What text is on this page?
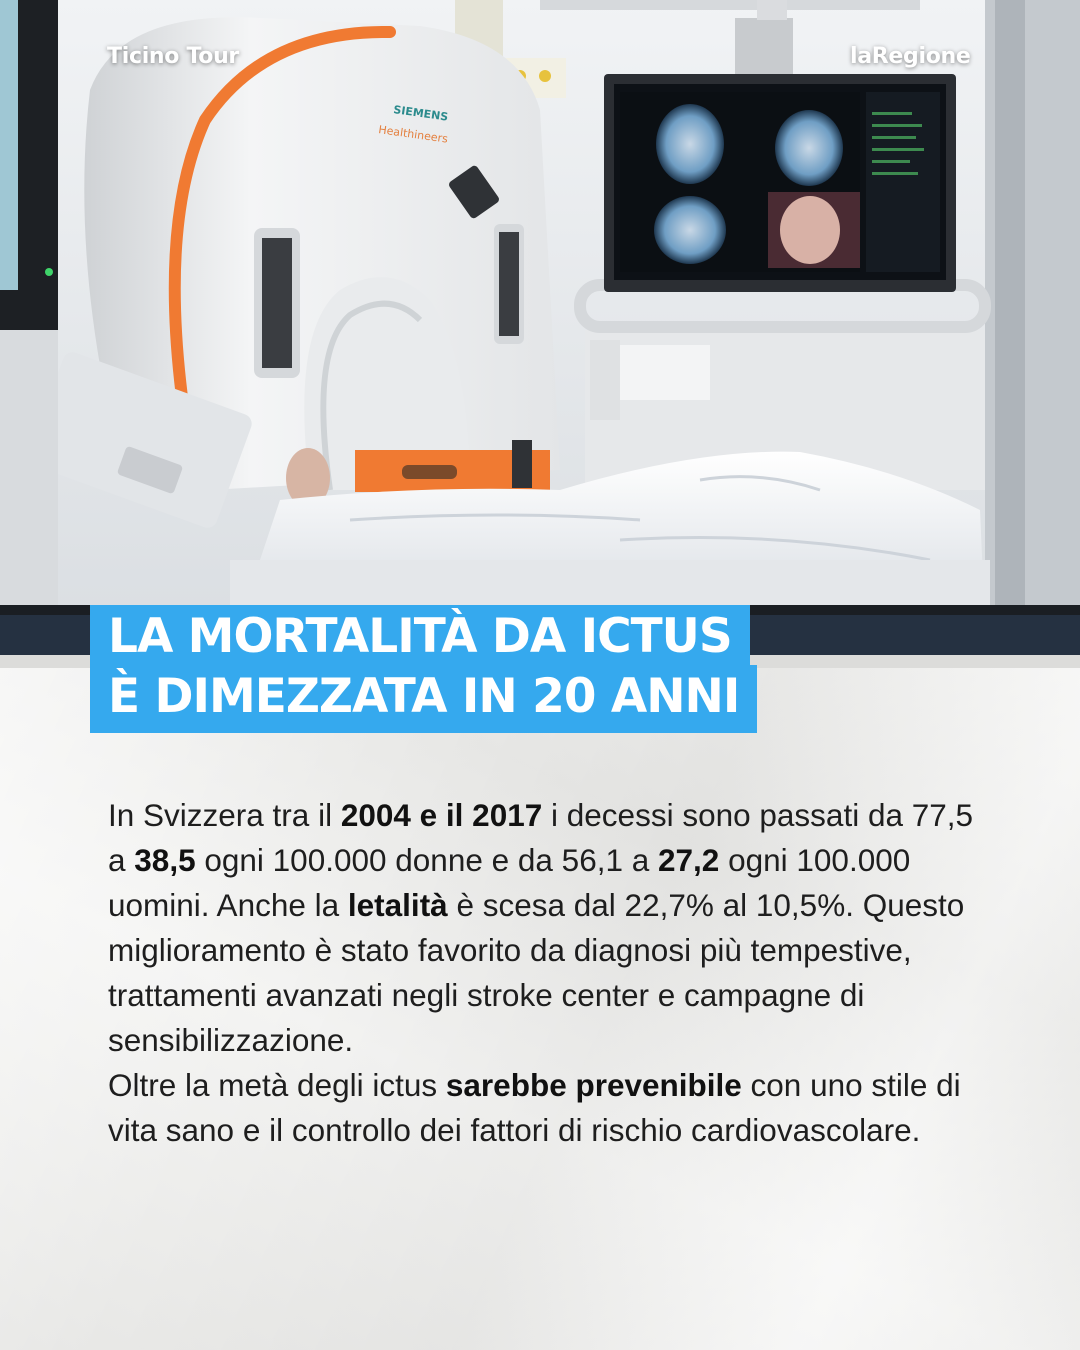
SIEMENS
Healthineers
Ticino Tour	laRegione
LA MORTALITÀ DA ICTUS
È DIMEZZATA IN 20 ANNI
In Svizzera tra il 2004 e il 2017 i decessi sono passati da 77,5 a 38,5 ogni 100.000 donne e da 56,1 a 27,2 ogni 100.000 uomini. Anche la letalità è scesa dal 22,7% al 10,5%. Questo miglioramento è stato favorito da diagnosi più tempestive, trattamenti avanzati negli stroke center e campagne di sensibilizzazione.
Oltre la metà degli ictus sarebbe prevenibile con uno stile di vita sano e il controllo dei fattori di rischio cardiovascolare.
